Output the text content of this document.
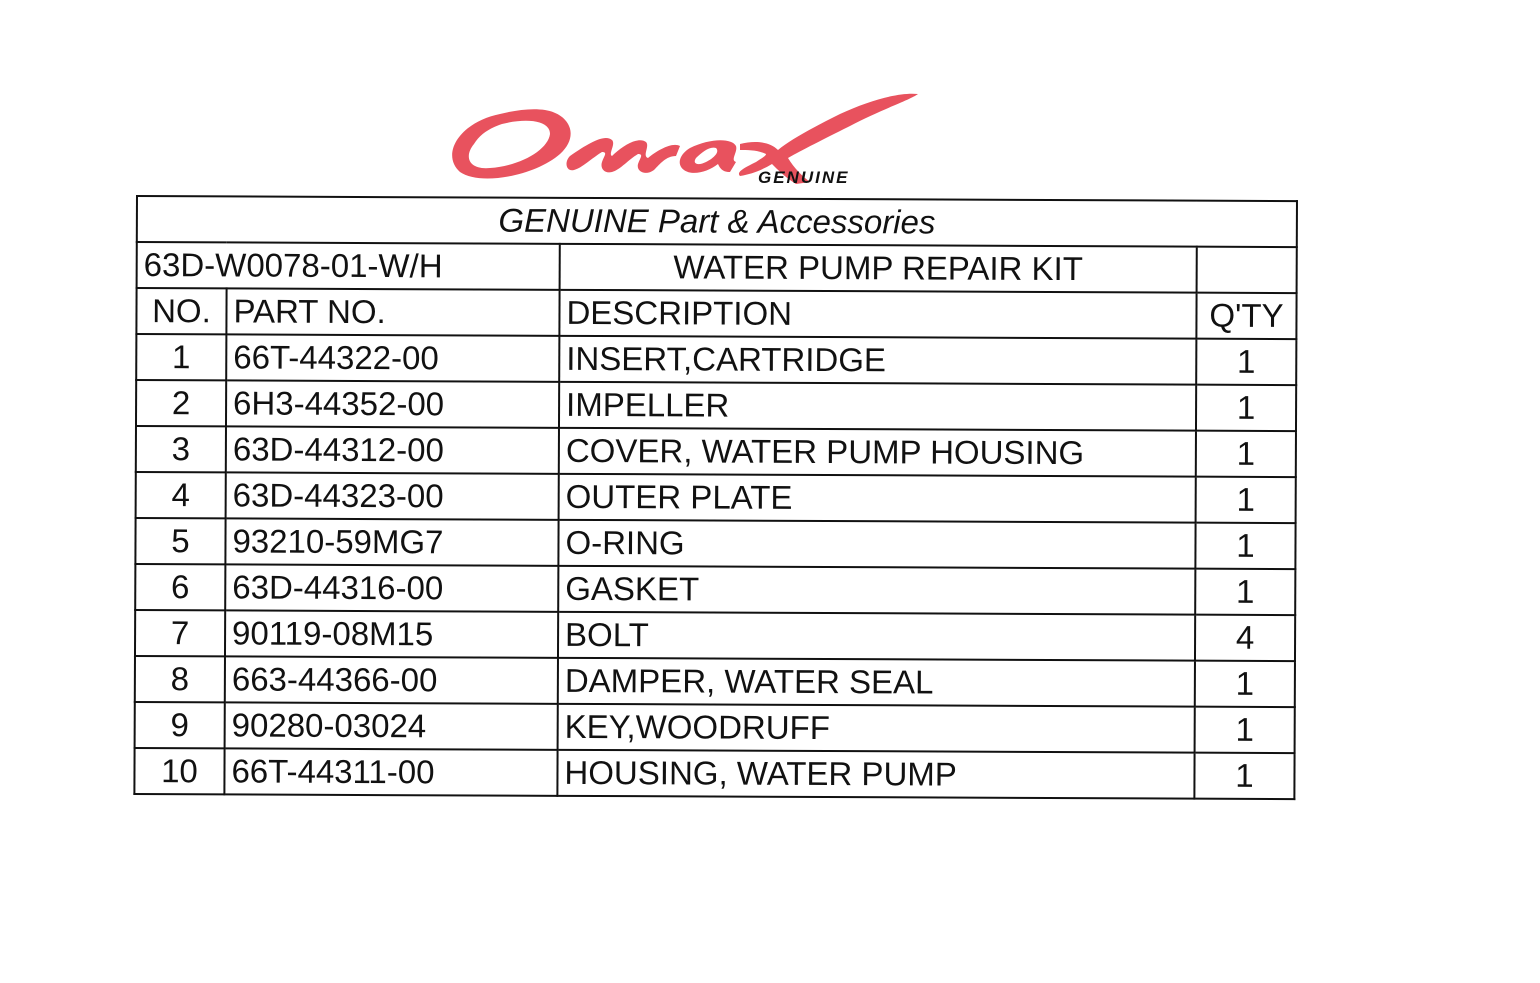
GENUINE
GENUINE Part & Accessories			
63D-W0078-01-W/H		WATER PUMP REPAIR KIT	
NO.	PART NO.	DESCRIPTION	Q'TY
1	66T-44322-00	INSERT,CARTRIDGE	1
2	6H3-44352-00	IMPELLER	1
3	63D-44312-00	COVER, WATER PUMP HOUSING	1
4	63D-44323-00	OUTER PLATE	1
5	93210-59MG7	O-RING	1
6	63D-44316-00	GASKET	1
7	90119-08M15	BOLT	4
8	663-44366-00	DAMPER, WATER SEAL	1
9	90280-03024	KEY,WOODRUFF	1
10	66T-44311-00	HOUSING, WATER PUMP	1
